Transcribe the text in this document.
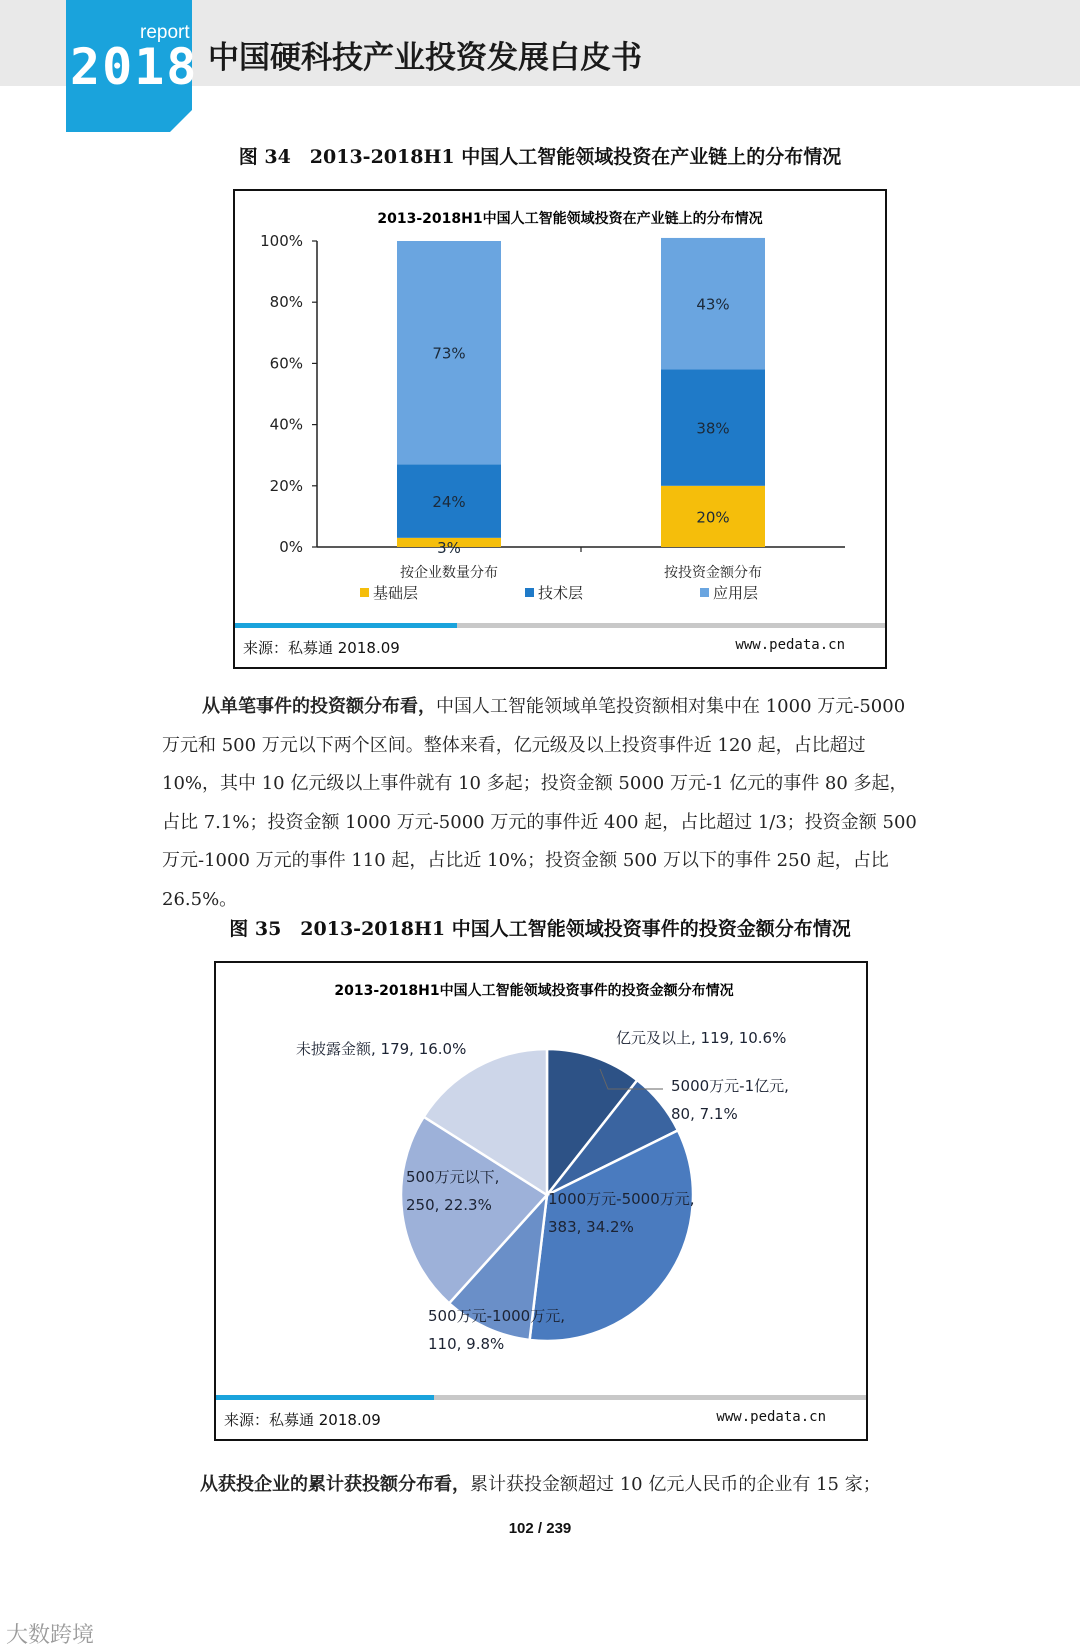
report
2018 中国硬科技产业投资发展白皮书
图 34　2013-2018H1 中国人工智能领域投资在产业链上的分布情况
2013-2018H1中国人工智能领域投资在产业链上的分布情况
0%
20%
40%
60%
80%
100%
3%
24%
73%
按企业数量分布
20%
38%
43%
按投资金额分布
基础层	技术层	应用层
来源：私募通 2018.09	www.pedata.cn
从单笔事件的投资额分布看，中国人工智能领域单笔投资额相对集中在 1000 万元-5000 万元和 500 万元以下两个区间。整体来看，亿元级及以上投资事件近 120 起，占比超过 10%，其中 10 亿元级以上事件就有 10 多起；投资金额 5000 万元-1 亿元的事件 80 多起，占比 7.1%；投资金额 1000 万元-5000 万元的事件近 400 起，占比超过 1/3；投资金额 500 万元-1000 万元的事件 110 起，占比近 10%；投资金额 500 万以下的事件 250 起，占比 26.5%。
图 35　2013-2018H1 中国人工智能领域投资事件的投资金额分布情况
2013-2018H1中国人工智能领域投资事件的投资金额分布情况
亿元及以上, 119, 10.6%
5000万元-1亿元, 80, 7.1%
1000万元-5000万元, 383, 34.2%
500万元-1000万元, 110, 9.8%
500万元以下, 250, 22.3%
未披露金额, 179, 16.0%
来源：私募通 2018.09	www.pedata.cn
从获投企业的累计获投额分布看，累计获投金额超过 10 亿元人民币的企业有 15 家；
102 / 239
大数跨境
